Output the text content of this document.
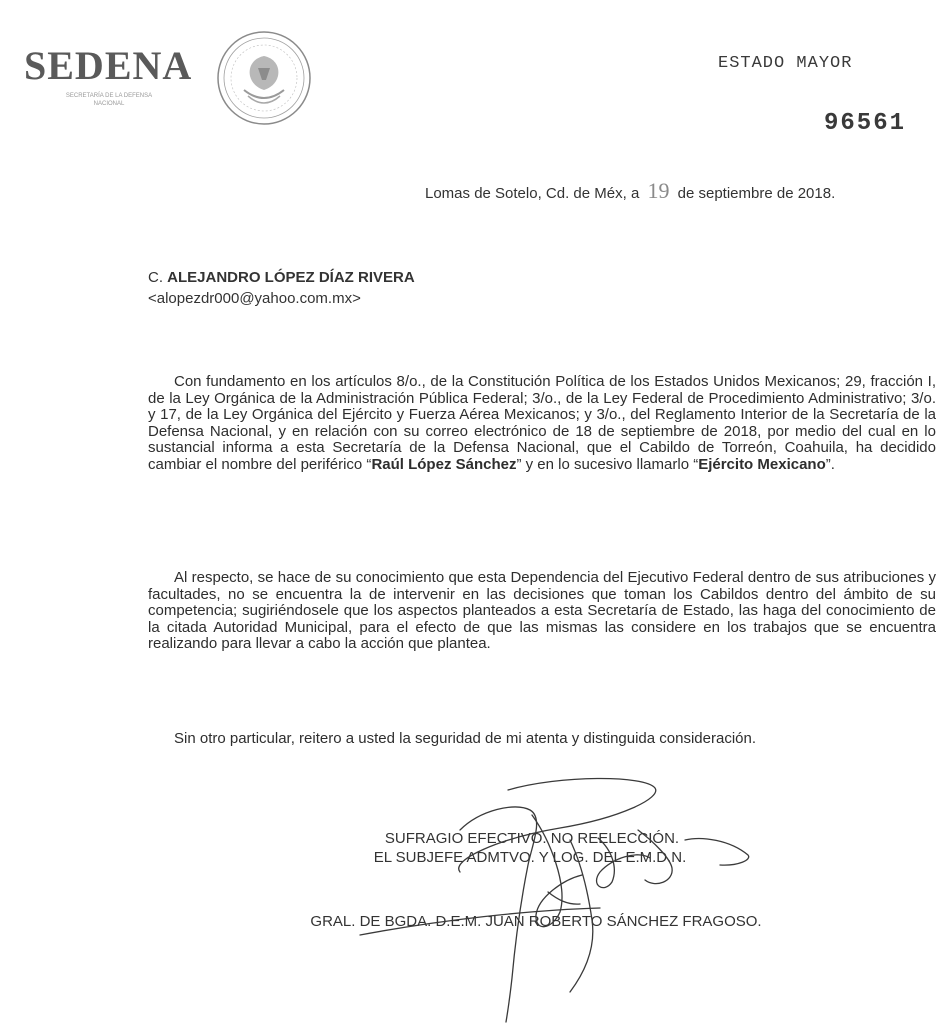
SEDENA
SECRETARÍA DE LA DEFENSA NACIONAL
ESTADO MAYOR
96561
Lomas de Sotelo, Cd. de Méx, a 19 de septiembre de 2018.
C. ALEJANDRO LÓPEZ DÍAZ RIVERA
<alopezdr000@yahoo.com.mx>
Con fundamento en los artículos 8/o., de la Constitución Política de los Estados Unidos Mexicanos; 29, fracción I, de la Ley Orgánica de la Administración Pública Federal; 3/o., de la Ley Federal de Procedimiento Administrativo; 3/o. y 17, de la Ley Orgánica del Ejército y Fuerza Aérea Mexicanos; y 3/o., del Reglamento Interior de la Secretaría de la Defensa Nacional, y en relación con su correo electrónico de 18 de septiembre de 2018, por medio del cual en lo sustancial informa a esta Secretaría de la Defensa Nacional, que el Cabildo de Torreón, Coahuila, ha decidido cambiar el nombre del periférico “Raúl López Sánchez” y en lo sucesivo llamarlo “Ejército Mexicano”.
Al respecto, se hace de su conocimiento que esta Dependencia del Ejecutivo Federal dentro de sus atribuciones y facultades, no se encuentra la de intervenir en las decisiones que toman los Cabildos dentro del ámbito de su competencia; sugiriéndosele que los aspectos planteados a esta Secretaría de Estado, las haga del conocimiento de la citada Autoridad Municipal, para el efecto de que las mismas las considere en los trabajos que se encuentra realizando para llevar a cabo la acción que plantea.
Sin otro particular, reitero a usted la seguridad de mi atenta y distinguida consideración.
SUFRAGIO EFECTIVO. NO REELECCIÓN.
EL SUBJEFE ADMTVO. Y LOG. DEL E.M.D.N.
GRAL. DE BGDA. D.E.M. JUAN ROBERTO SÁNCHEZ FRAGOSO.
